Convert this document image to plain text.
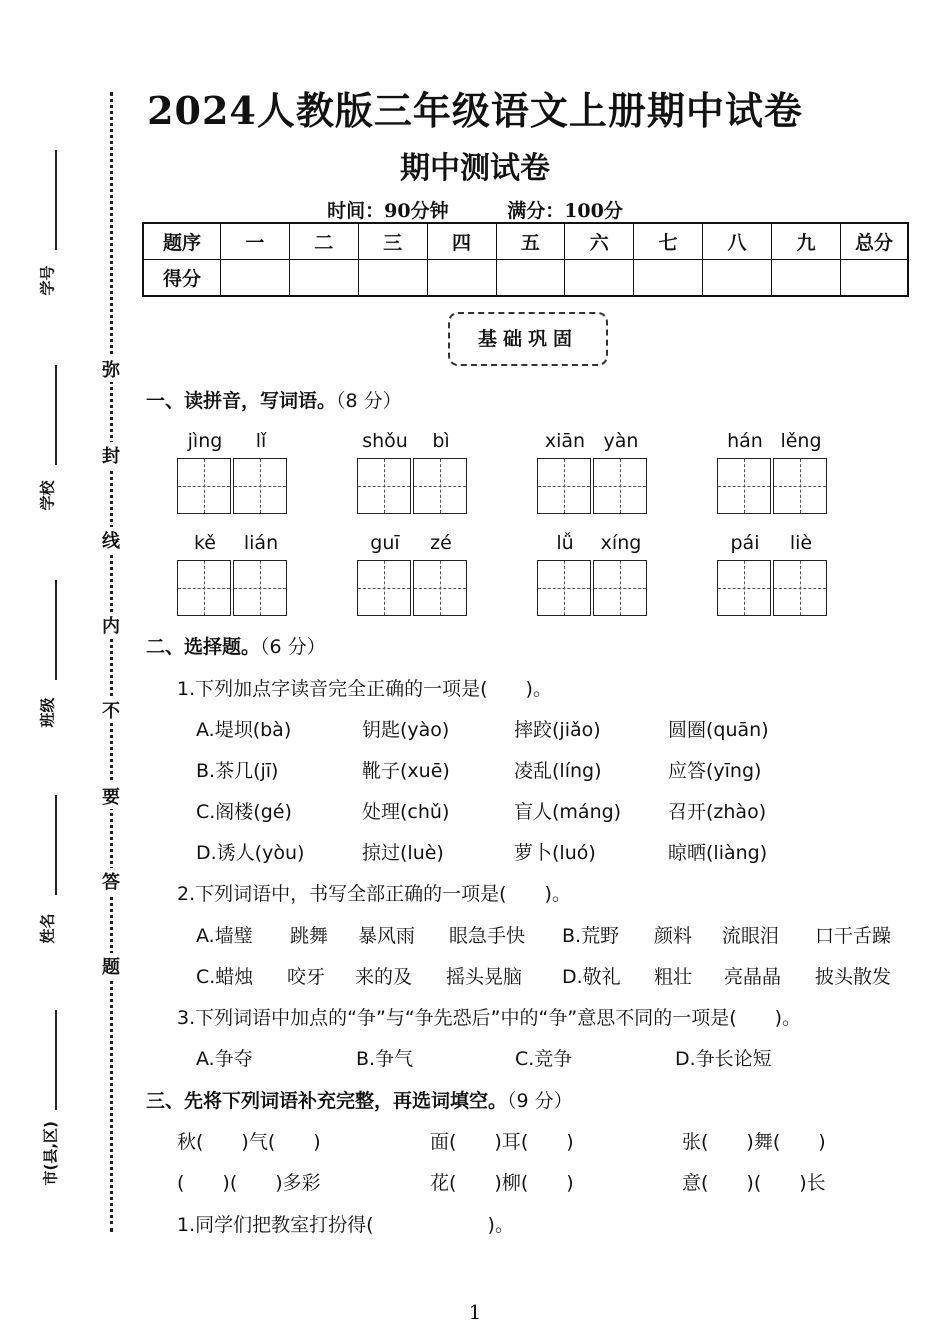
学号
学校
班级
姓名
市(县,区)
弥
封
线
内
不
要
答
题
2024人教版三年级语文上册期中试卷
期中测试卷
时间：90分钟	满分：100分
题序	一	二	三	四	五	六	七	八	九	总分
得分										
基础巩固
一、读拼音，写词语。（8 分）
jìng	lǐ	shǒu	bì	xiān yàn	hán lěng
kě	lián	guī	zé	lǚ	xíng	pái	liè
二、选择题。（6 分）
1.下列加点字读音完全正确的一项是(　　)。
A.堤坝(bà)	钥匙(yào)	摔跤(jiǎo)	圆圈(quān)
B.茶几(jī)	靴子(xuē)	凌乱(líng)	应答(yīng)
C.阁楼(gé)	处理(chǔ)	盲人(máng) 召开(zhào)
D.诱人(yòu)	掠过(luè)	萝卜(luó)	晾晒(liàng)
2.下列词语中，书写全部正确的一项是(　　)。
A.墙璧 跳舞 暴风雨 眼急手快 B.荒野 颜料 流眼泪 口干舌躁
C.蜡烛 咬牙 来的及 摇头晃脑 D.敬礼 粗壮 亮晶晶 披头散发
3.下列词语中加点的“争”与“争先恐后”中的“争”意思不同的一项是(　　)。
A.争夺	B.争气	C.竞争	D.争长论短
三、先将下列词语补充完整，再选词填空。（9 分）
秋(　　)气(　　)	面(　　)耳(　　)	张(　　)舞(　　)
(　　)(　　)多彩	花(　　)柳(　　)	意(　　)(　　)长
1.同学们把教室打扮得(　　　　　　)。
1
